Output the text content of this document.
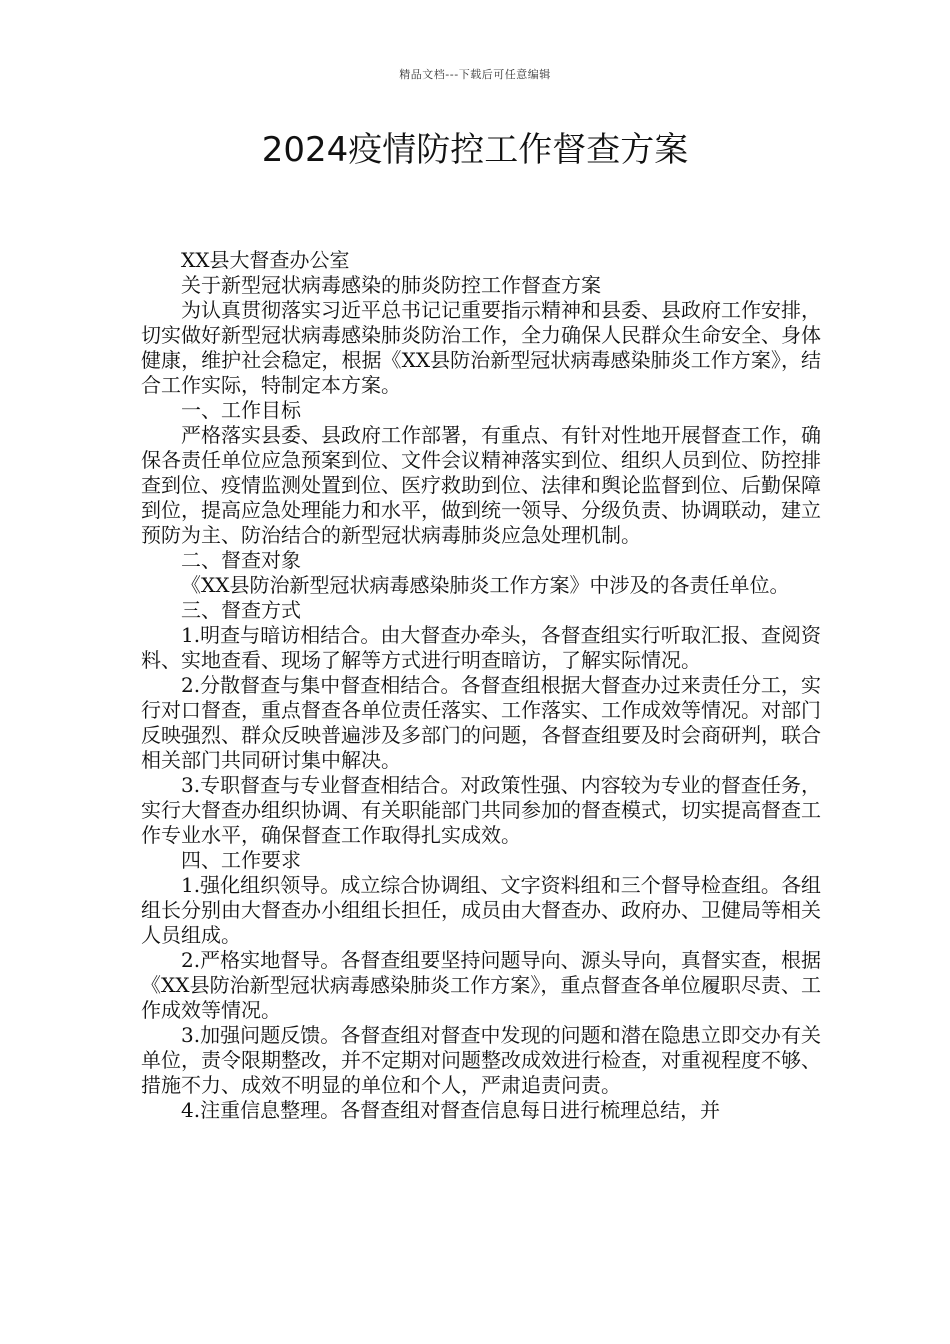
精品文档---下载后可任意编辑
2024疫情防控工作督查方案

XX县大督查办公室

关于新型冠状病毒感染的肺炎防控工作督查方案

为认真贯彻落实习近平总书记记重要指示精神和县委、县政府工作安排，切实做好新型冠状病毒感染肺炎防治工作，全力确保人民群众生命安全、身体健康，维护社会稳定，根据《XX县防治新型冠状病毒感染肺炎工作方案》，结合工作实际，特制定本方案。

一、工作目标

严格落实县委、县政府工作部署，有重点、有针对性地开展督查工作，确保各责任单位应急预案到位、文件会议精神落实到位、组织人员到位、防控排查到位、疫情监测处置到位、医疗救助到位、法律和舆论监督到位、后勤保障到位，提高应急处理能力和水平，做到统一领导、分级负责、协调联动，建立预防为主、防治结合的新型冠状病毒肺炎应急处理机制。

二、督查对象

《XX县防治新型冠状病毒感染肺炎工作方案》中涉及的各责任单位。

三、督查方式

1.明查与暗访相结合。由大督查办牵头，各督查组实行听取汇报、查阅资料、实地查看、现场了解等方式进行明查暗访，了解实际情况。

2.分散督查与集中督查相结合。各督查组根据大督查办过来责任分工，实行对口督查，重点督查各单位责任落实、工作落实、工作成效等情况。对部门反映强烈、群众反映普遍涉及多部门的问题，各督查组要及时会商研判，联合相关部门共同研讨集中解决。

3.专职督查与专业督查相结合。对政策性强、内容较为专业的督查任务，实行大督查办组织协调、有关职能部门共同参加的督查模式，切实提高督查工作专业水平，确保督查工作取得扎实成效。

四、工作要求

1.强化组织领导。成立综合协调组、文字资料组和三个督导检查组。各组组长分别由大督查办小组组长担任，成员由大督查办、政府办、卫健局等相关人员组成。

2.严格实地督导。各督查组要坚持问题导向、源头导向，真督实查，根据《XX县防治新型冠状病毒感染肺炎工作方案》，重点督查各单位履职尽责、工作成效等情况。

3.加强问题反馈。各督查组对督查中发现的问题和潜在隐患立即交办有关单位，责令限期整改，并不定期对问题整改成效进行检查，对重视程度不够、措施不力、成效不明显的单位和个人，严肃追责问责。

4.注重信息整理。各督查组对督查信息每日进行梳理总结，并
